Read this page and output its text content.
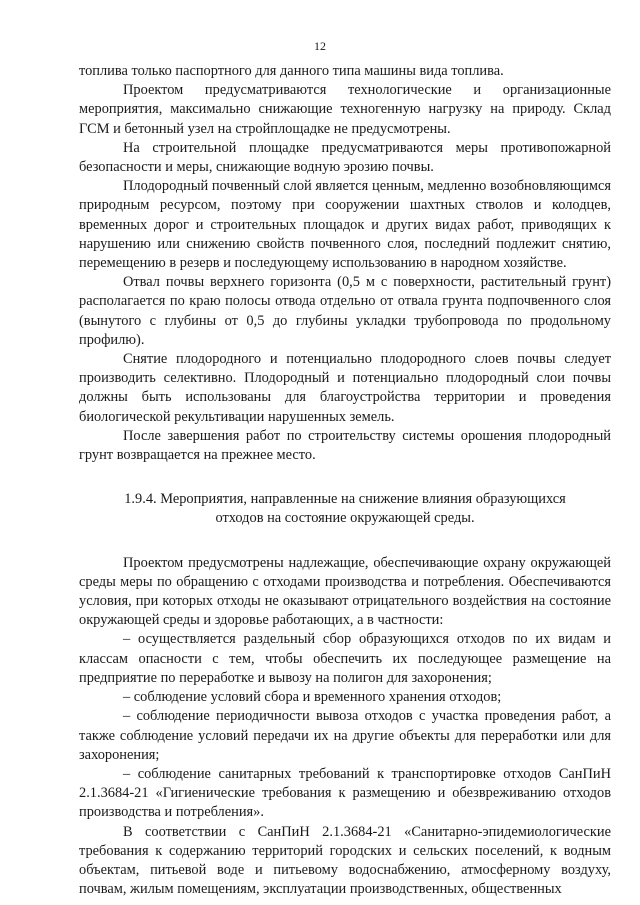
12

топлива только паспортного для данного типа машины вида топлива.

Проектом предусматриваются технологические и организационные мероприятия, максимально снижающие техногенную нагрузку на природу. Склад ГСМ и бетонный узел на стройплощадке не предусмотрены.

На строительной площадке предусматриваются меры противопожарной безопасности и меры, снижающие водную эрозию почвы.

Плодородный почвенный слой является ценным, медленно возобновляющимся природным ресурсом, поэтому при сооружении шахтных стволов и колодцев, временных дорог и строительных площадок и других видах работ, приводящих к нарушению или снижению свойств почвенного слоя, последний подлежит снятию, перемещению в резерв и последующему использованию в народном хозяйстве.

Отвал почвы верхнего горизонта (0,5 м с поверхности, растительный грунт) располагается по краю полосы отвода отдельно от отвала грунта подпочвенного слоя (вынутого с глубины от 0,5 до глубины укладки трубопровода по продольному профилю).

Снятие плодородного и потенциально плодородного слоев почвы следует производить селективно. Плодородный и потенциально плодородный слои почвы должны быть использованы для благоустройства территории и проведения биологической рекультивации нарушенных земель.

После завершения работ по строительству системы орошения плодородный грунт возвращается на прежнее место.

1.9.4. Мероприятия, направленные на снижение влияния образующихся
отходов на состояние окружающей среды.

Проектом предусмотрены надлежащие, обеспечивающие охрану окружающей среды меры по обращению с отходами производства и потребления. Обеспечиваются условия, при которых отходы не оказывают отрицательного воздействия на состояние окружающей среды и здоровье работающих, а в частности:

– осуществляется раздельный сбор образующихся отходов по их видам и классам опасности с тем, чтобы обеспечить их последующее размещение на предприятие по переработке и вывозу на полигон для захоронения;

– соблюдение условий сбора и временного хранения отходов;

– соблюдение периодичности вывоза отходов с участка проведения работ, а также соблюдение условий передачи их на другие объекты для переработки или для захоронения;

– соблюдение санитарных требований к транспортировке отходов СанПиН 2.1.3684-21 «Гигиенические требования к размещению и обезвреживанию отходов производства и потребления».

В соответствии с СанПиН 2.1.3684-21 «Санитарно-эпидемиологические требования к содержанию территорий городских и сельских поселений, к водным объектам, питьевой воде и питьевому водоснабжению, атмосферному воздуху, почвам, жилым помещениям, эксплуатации производственных, общественных
